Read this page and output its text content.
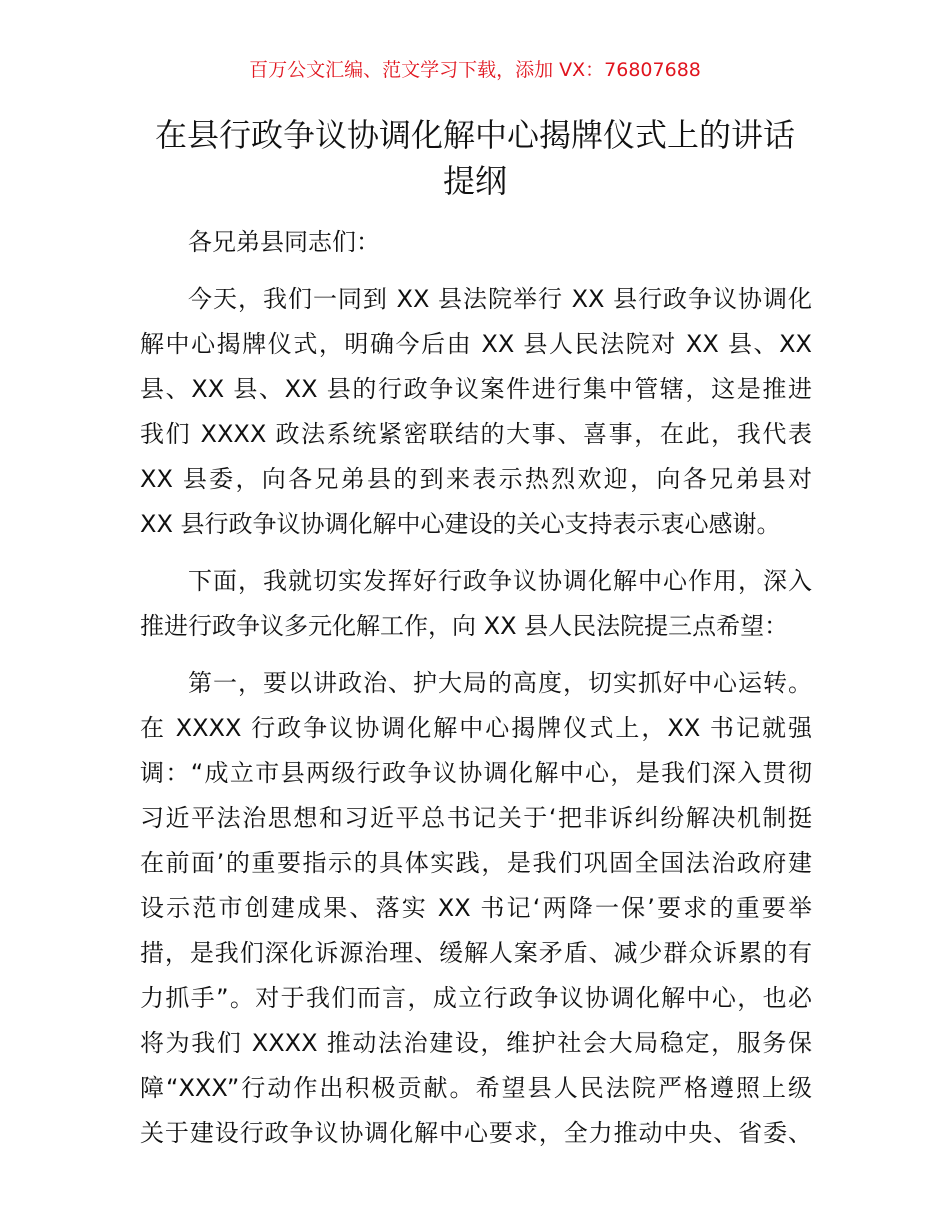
百万公文汇编、范文学习下载，添加 VX：76807688
在县行政争议协调化解中心揭牌仪式上的讲话
提纲
各兄弟县同志们：
今天，我们一同到 XX 县法院举行 XX 县行政争议协调化
解中心揭牌仪式，明确今后由 XX 县人民法院对 XX 县、XX
县、XX 县、XX 县的行政争议案件进行集中管辖，这是推进
我们 XXXX 政法系统紧密联结的大事、喜事，在此，我代表
XX 县委，向各兄弟县的到来表示热烈欢迎，向各兄弟县对
XX 县行政争议协调化解中心建设的关心支持表示衷心感谢。
下面，我就切实发挥好行政争议协调化解中心作用，深入
推进行政争议多元化解工作，向 XX 县人民法院提三点希望：
第一，要以讲政治、护大局的高度，切实抓好中心运转。
在 XXXX 行政争议协调化解中心揭牌仪式上，XX 书记就强
调：“成立市县两级行政争议协调化解中心，是我们深入贯彻
习近平法治思想和习近平总书记关于‘把非诉纠纷解决机制挺
在前面’的重要指示的具体实践，是我们巩固全国法治政府建
设示范市创建成果、落实 XX 书记‘两降一保’要求的重要举
措，是我们深化诉源治理、缓解人案矛盾、减少群众诉累的有
力抓手”。对于我们而言，成立行政争议协调化解中心，也必
将为我们 XXXX 推动法治建设，维护社会大局稳定，服务保
障“XXX”行动作出积极贡献。希望县人民法院严格遵照上级
关于建设行政争议协调化解中心要求，全力推动中央、省委、
